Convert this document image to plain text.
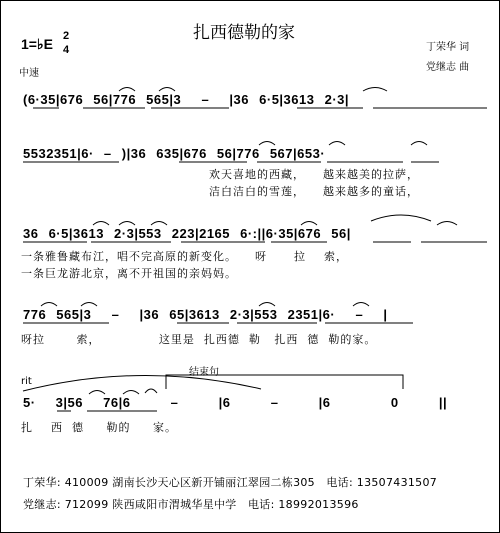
扎西德勒的家
1=♭E 2
4
中速
丁荣华 词
党继志 曲
(6·35|676 56|776 565|3  –  |36 6·5|3613 2·3|
5532351|6· – )|36 635|676 56|776 567|653·
36 6·5|3613 2·3|553 223|2165 6·:||6·35|676 56|
776 565|3  –  |36 65|3613 2·3|553 2351|6·  –  |
5· 3|56 76|6  –  |6  –  |6   0  ||
欢天喜地的西藏，    越来越美的拉萨，
洁白洁白的雪莲，    越来越多的童话，
一条雅鲁藏布江，唱不完高原的新变化。    呀      拉    索，
一条巨龙游北京，离不开祖国的亲妈妈。
呀拉       索，             这里是  扎西德  勒   扎西  德  勒的家。
扎    西  德     勒的     家。
rit
结束句
丁荣华: 410009 湖南长沙天心区新开铺丽江翠园二栋305   电话: 13507431507
党继志: 712099 陕西咸阳市渭城华星中学   电话: 18992013596
